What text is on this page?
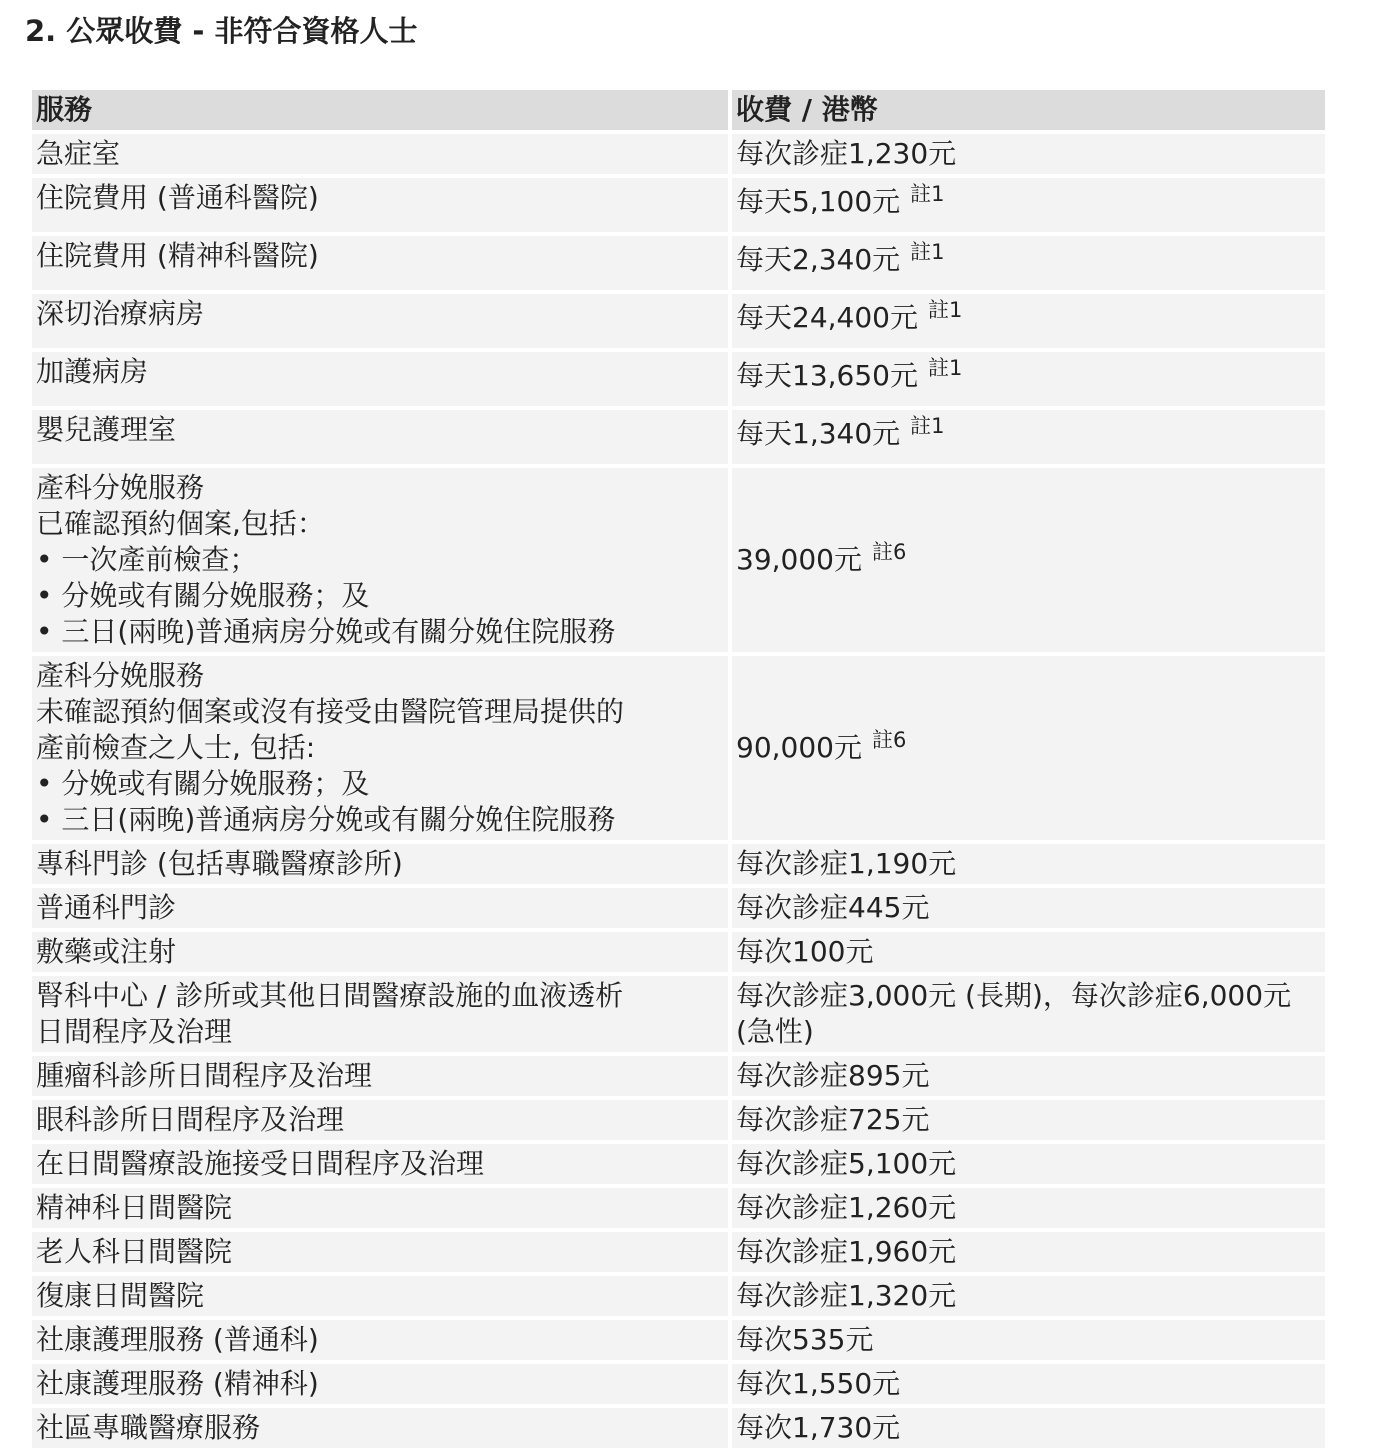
2. 公眾收費 - 非符合資格人士
服務	收費 / 港幣

急症室	每次診症1,230元

住院費用 (普通科醫院)	每天5,100元 $^{註1}$

住院費用 (精神科醫院)	每天2,340元 $^{註1}$

深切治療病房	每天24,400元 $^{註1}$

加護病房	每天13,650元 $^{註1}$

嬰兒護理室	每天1,340元 $^{註1}$

產科分娩服務
已確認預約個案,包括：
• 一次產前檢查；
• 分娩或有關分娩服務；及
• 三日(兩晚)普通病房分娩或有關分娩住院服務	39,000元 $^{註6}$

產科分娩服務
未確認預約個案或沒有接受由醫院管理局提供的
產前檢查之人士, 包括:
• 分娩或有關分娩服務；及
• 三日(兩晚)普通病房分娩或有關分娩住院服務	90,000元 $^{註6}$

專科門診 (包括專職醫療診所)	每次診症1,190元

普通科門診	每次診症445元

敷藥或注射	每次100元

腎科中心 / 診所或其他日間醫療設施的血液透析
日間程序及治理	每次診症3,000元 (長期)，每次診症6,000元 (急性)

腫瘤科診所日間程序及治理	每次診症895元

眼科診所日間程序及治理	每次診症725元

在日間醫療設施接受日間程序及治理	每次診症5,100元

精神科日間醫院	每次診症1,260元

老人科日間醫院	每次診症1,960元

復康日間醫院	每次診症1,320元

社康護理服務 (普通科)	每次535元

社康護理服務 (精神科)	每次1,550元

社區專職醫療服務	每次1,730元
